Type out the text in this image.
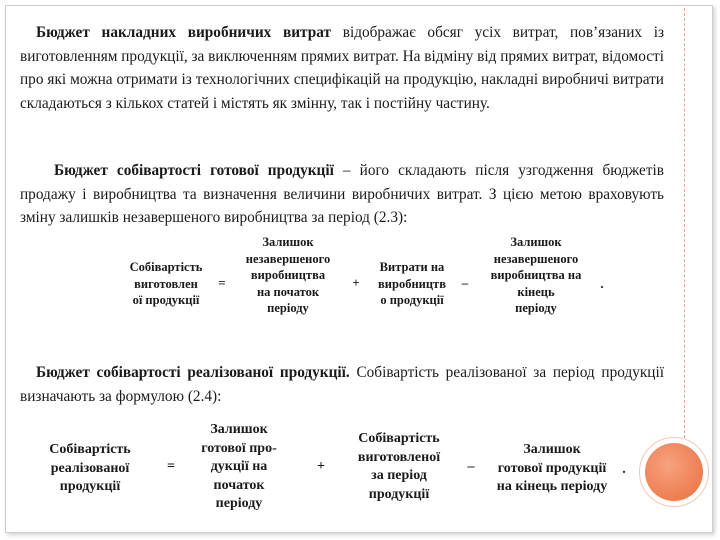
Бюджет накладних виробничих витрат відображає обсяг усіх витрат, пов’язаних із виготовленням продукції, за виключенням прямих витрат. На відміну від прямих витрат, відомості про які можна отримати із технологічних специфікацій на продукцію, накладні виробничі витрати складаються з кількох статей і містять як змінну, так і постійну частину.

Бюджет собівартості готової продукції – його складають після узгодження бюджетів продажу і виробництва та визначення величини виробничих витрат. З цією метою враховують зміну залишків незавершеного виробництва за період (2.3):

Собівартість
виготовлен
ої продукції
=
Залишок
незавершеного
виробництва
на початок
періоду
+
Витрати на
виробництв
о продукції
–
Залишок
незавершеного
виробництва на
кінець
періоду
.

Бюджет собівартості реалізованої продукції. Собівартість реалізованої за період продукції визначають за формулою (2.4):

Собівартість
реалізованої
продукції
=
Залишок
готової про-
дукції на
початок
періоду
+
Собівартість
виготовленої
за період
продукції
–
Залишок
готової продукції
на кінець періоду
.
